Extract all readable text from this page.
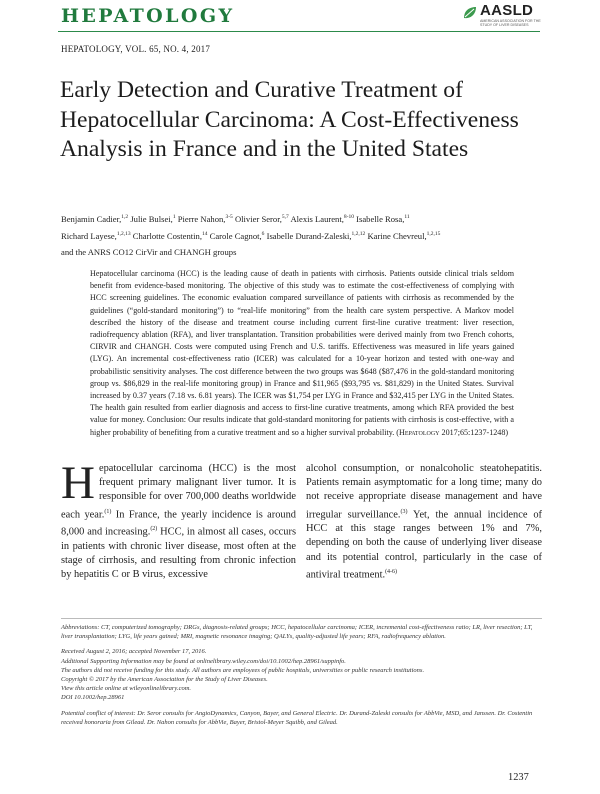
HEPATOLOGY	AASLD
AMERICAN ASSOCIATION FOR THE STUDY OF LIVER DISEASES
HEPATOLOGY, VOL. 65, NO. 4, 2017
Early Detection and Curative Treatment of Hepatocellular Carcinoma: A Cost-Effectiveness Analysis in France and in the United States
Benjamin Cadier,$^{1,2}$ Julie Bulsei,$^1$ Pierre Nahon,$^{3-5}$ Olivier Seror,$^{5,7}$ Alexis Laurent,$^{8-10}$ Isabelle Rosa,$^{11}$
Richard Layese,$^{1,2,13}$ Charlotte Costentin,$^{14}$ Carole Cagnot,$^6$ Isabelle Durand-Zaleski,$^{1,2,12}$ Karine Chevreul,$^{1,2,15}$
and the ANRS CO12 CirVir and CHANGH groups
Hepatocellular carcinoma (HCC) is the leading cause of death in patients with cirrhosis. Patients outside clinical trials seldom benefit from evidence-based monitoring. The objective of this study was to estimate the cost-effectiveness of complying with HCC screening guidelines. The economic evaluation compared surveillance of patients with cirrhosis as recommended by the guidelines (“gold-standard monitoring”) to “real-life monitoring” from the health care system perspective. A Markov model described the history of the disease and treatment course including current first-line curative treatment: liver resection, radiofrequency ablation (RFA), and liver transplantation. Transition probabilities were derived mainly from two French cohorts, CIRVIR and CHANGH. Costs were computed using French and U.S. tariffs. Effectiveness was measured in life years gained (LYG). An incremental cost-effectiveness ratio (ICER) was calculated for a 10-year horizon and tested with one-way and probabilistic sensitivity analyses. The cost difference between the two groups was $648 ($87,476 in the gold-standard monitoring group vs. $86,829 in the real-life monitoring group) in France and $11,965 ($93,795 vs. $81,829) in the United States. Survival increased by 0.37 years (7.18 vs. 6.81 years). The ICER was $1,754 per LYG in France and $32,415 per LYG in the United States. The health gain resulted from earlier diagnosis and access to first-line curative treatments, among which RFA provided the best value for money. Conclusion: Our results indicate that gold-standard monitoring for patients with cirrhosis is cost-effective, with a higher probability of benefiting from a curative treatment and so a higher survival probability. (Hepatology 2017;65:1237-1248)
Hepatocellular carcinoma (HCC) is the most frequent primary malignant liver tumor. It is responsible for over 700,000 deaths worldwide each year.$^{(1)}$ In France, the yearly incidence is around 8,000 and increasing.$^{(2)}$ HCC, in almost all cases, occurs in patients with chronic liver disease, most often at the stage of cirrhosis, and resulting from chronic infection by hepatitis C or B virus, excessive
alcohol consumption, or nonalcoholic steatohepatitis. Patients remain asymptomatic for a long time; many do not receive appropriate disease management and have irregular surveillance.$^{(3)}$ Yet, the annual incidence of HCC at this stage ranges between 1% and 7%, depending on both the cause of underlying liver disease and its potential control, particularly in the case of antiviral treatment.$^{(4-6)}$

Abbreviations: CT, computerized tomography; DRGs, diagnosis-related groups; HCC, hepatocellular carcinoma; ICER, incremental cost-effectiveness ratio; LR, liver resection; LT, liver transplantation; LYG, life years gained; MRI, magnetic resonance imaging; QALYs, quality-adjusted life years; RFA, radiofrequency ablation.

Received August 2, 2016; accepted November 17, 2016.

Additional Supporting Information may be found at onlinelibrary.wiley.com/doi/10.1002/hep.28961/suppinfo.

The authors did not receive funding for this study. All authors are employees of public hospitals, universities or public research institutions.

Copyright © 2017 by the American Association for the Study of Liver Diseases.

View this article online at wileyonlinelibrary.com.

DOI 10.1002/hep.28961

Potential conflict of interest: Dr. Seror consults for AngioDynamics, Canyon, Bayer, and General Electric. Dr. Durand-Zaleski consults for AbbVie, MSD, and Janssen. Dr. Costentin received honoraria from Gilead. Dr. Nahon consults for AbbVie, Bayer, Bristol-Meyer Squibb, and Gilead.

1237
